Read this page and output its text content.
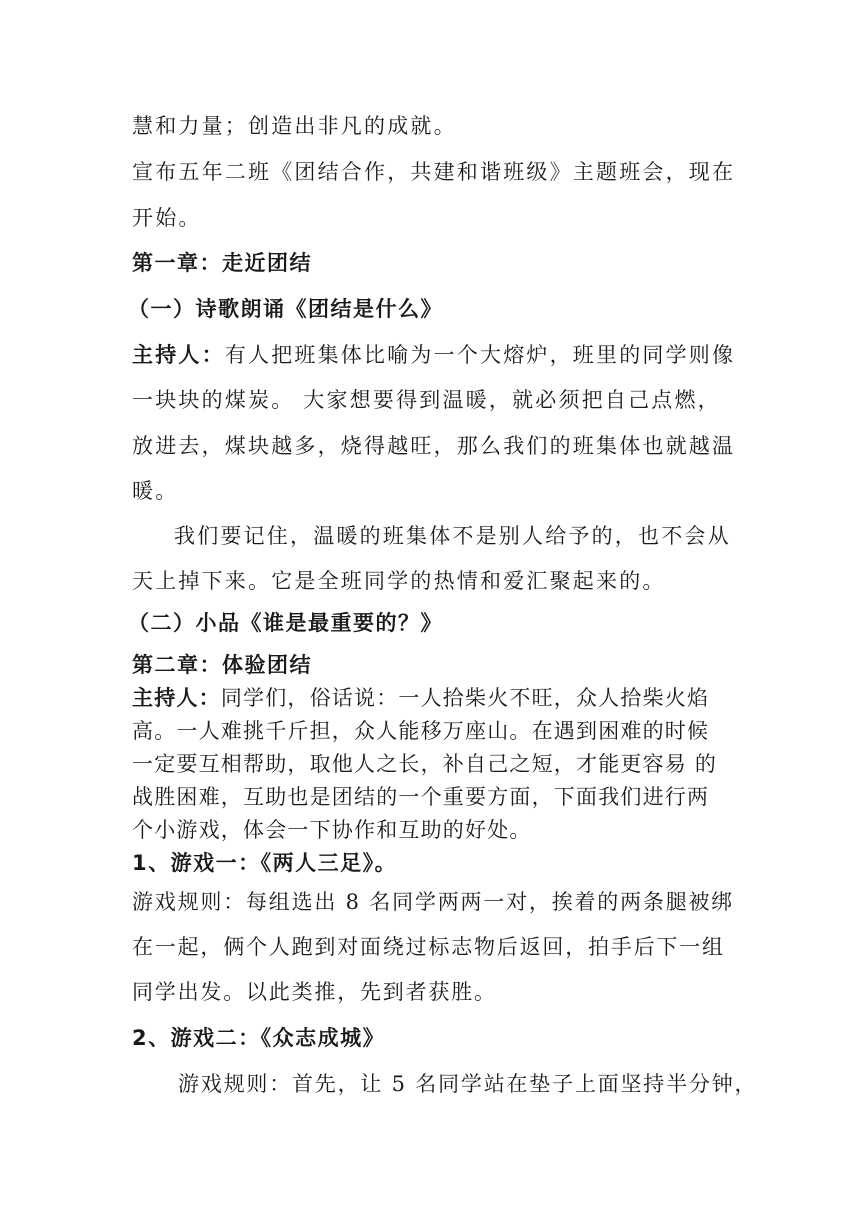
慧和力量；创造出非凡的成就。
宣布五年二班《团结合作，共建和谐班级》主题班会，现在
开始。
第一章：走近团结
（一）诗歌朗诵《团结是什么》
主持人：有人把班集体比喻为一个大熔炉，班里的同学则像
一块块的煤炭。 大家想要得到温暖，就必须把自己点燃，
放进去，煤块越多，烧得越旺，那么我们的班集体也就越温
暖。
我们要记住，温暖的班集体不是别人给予的，也不会从
天上掉下来。它是全班同学的热情和爱汇聚起来的。
（二）小品《谁是最重要的？》
第二章：体验团结
主持人：同学们，俗话说：一人拾柴火不旺，众人拾柴火焰
高。一人难挑千斤担，众人能移万座山。在遇到困难的时候
一定要互相帮助，取他人之长，补自己之短，才能更容易 的
战胜困难，互助也是团结的一个重要方面，下面我们进行两
个小游戏，体会一下协作和互助的好处。
1、游戏一：《两人三足》。
游戏规则：每组选出 8 名同学两两一对，挨着的两条腿被绑
在一起，俩个人跑到对面绕过标志物后返回，拍手后下一组
同学出发。以此类推，先到者获胜。
2、游戏二：《众志成城》
游戏规则：首先，让 5 名同学站在垫子上面坚持半分钟，
